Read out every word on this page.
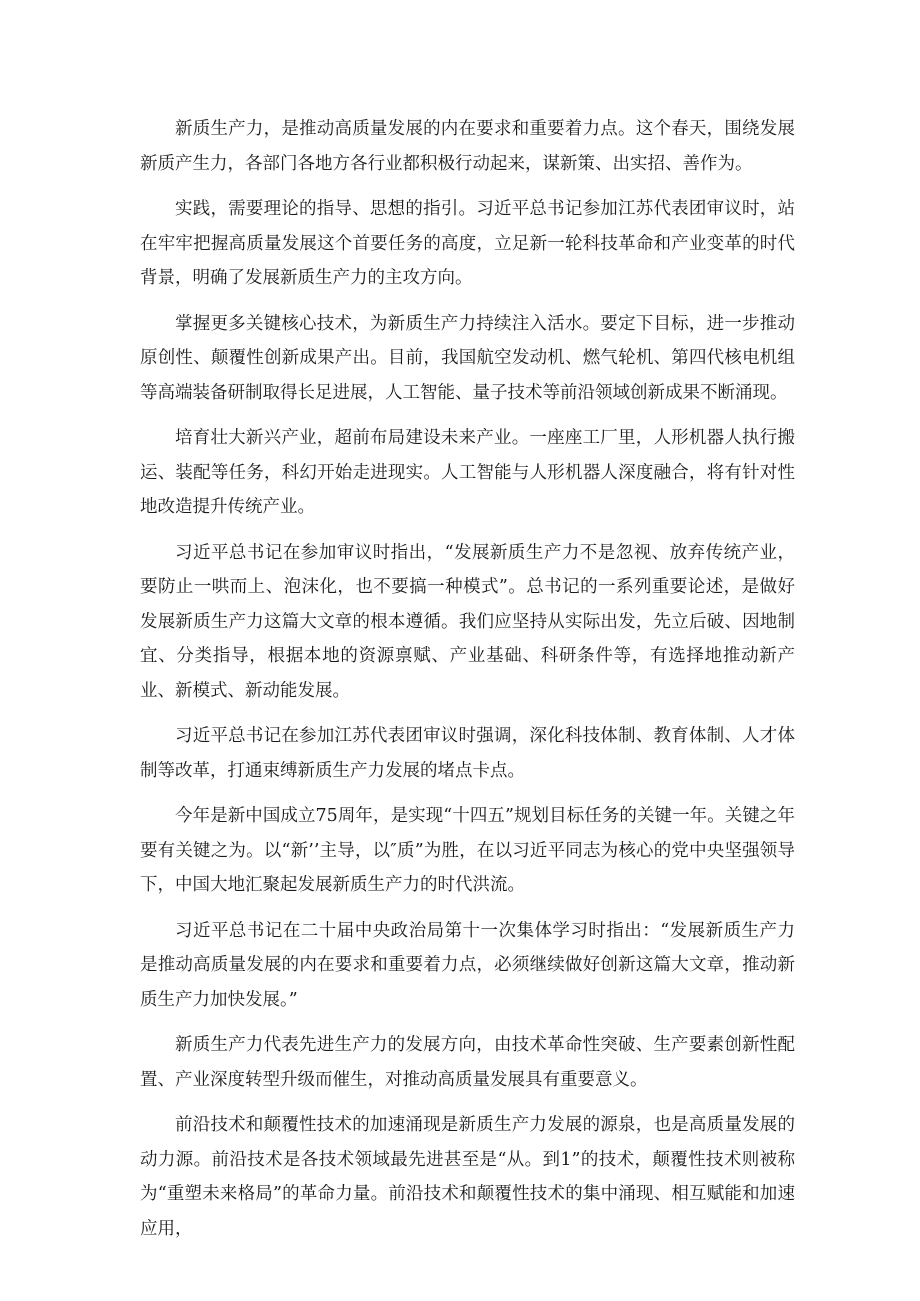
新质生产力，是推动高质量发展的内在要求和重要着力点。这个春天，围绕发展新质产生力，各部门各地方各行业都积极行动起来，谋新策、出实招、善作为。

实践，需要理论的指导、思想的指引。习近平总书记参加江苏代表团审议时，站在牢牢把握高质量发展这个首要任务的高度，立足新一轮科技革命和产业变革的时代背景，明确了发展新质生产力的主攻方向。

掌握更多关键核心技术，为新质生产力持续注入活水。要定下目标，进一步推动原创性、颠覆性创新成果产出。目前，我国航空发动机、燃气轮机、第四代核电机组等高端装备研制取得长足进展，人工智能、量子技术等前沿领域创新成果不断涌现。

培育壮大新兴产业，超前布局建设未来产业。一座座工厂里，人形机器人执行搬运、装配等任务，科幻开始走进现实。人工智能与人形机器人深度融合，将有针对性地改造提升传统产业。

习近平总书记在参加审议时指出，“发展新质生产力不是忽视、放弃传统产业，要防止一哄而上、泡沫化，也不要搞一种模式”。总书记的一系列重要论述，是做好发展新质生产力这篇大文章的根本遵循。我们应坚持从实际出发，先立后破、因地制宜、分类指导，根据本地的资源禀赋、产业基础、科研条件等，有选择地推动新产业、新模式、新动能发展。

习近平总书记在参加江苏代表团审议时强调，深化科技体制、教育体制、人才体制等改革，打通束缚新质生产力发展的堵点卡点。

今年是新中国成立75周年，是实现“十四五”规划目标任务的关键一年。关键之年要有关键之为。以“新’’主导，以″质”为胜，在以习近平同志为核心的党中央坚强领导下，中国大地汇聚起发展新质生产力的时代洪流。

习近平总书记在二十届中央政治局第十一次集体学习时指出：“发展新质生产力是推动高质量发展的内在要求和重要着力点，必须继续做好创新这篇大文章，推动新质生产力加快发展。”

新质生产力代表先进生产力的发展方向，由技术革命性突破、生产要素创新性配置、产业深度转型升级而催生，对推动高质量发展具有重要意义。

前沿技术和颠覆性技术的加速涌现是新质生产力发展的源泉，也是高质量发展的动力源。前沿技术是各技术领域最先进甚至是“从。到1”的技术，颠覆性技术则被称为“重塑未来格局”的革命力量。前沿技术和颠覆性技术的集中涌现、相互赋能和加速应用，
